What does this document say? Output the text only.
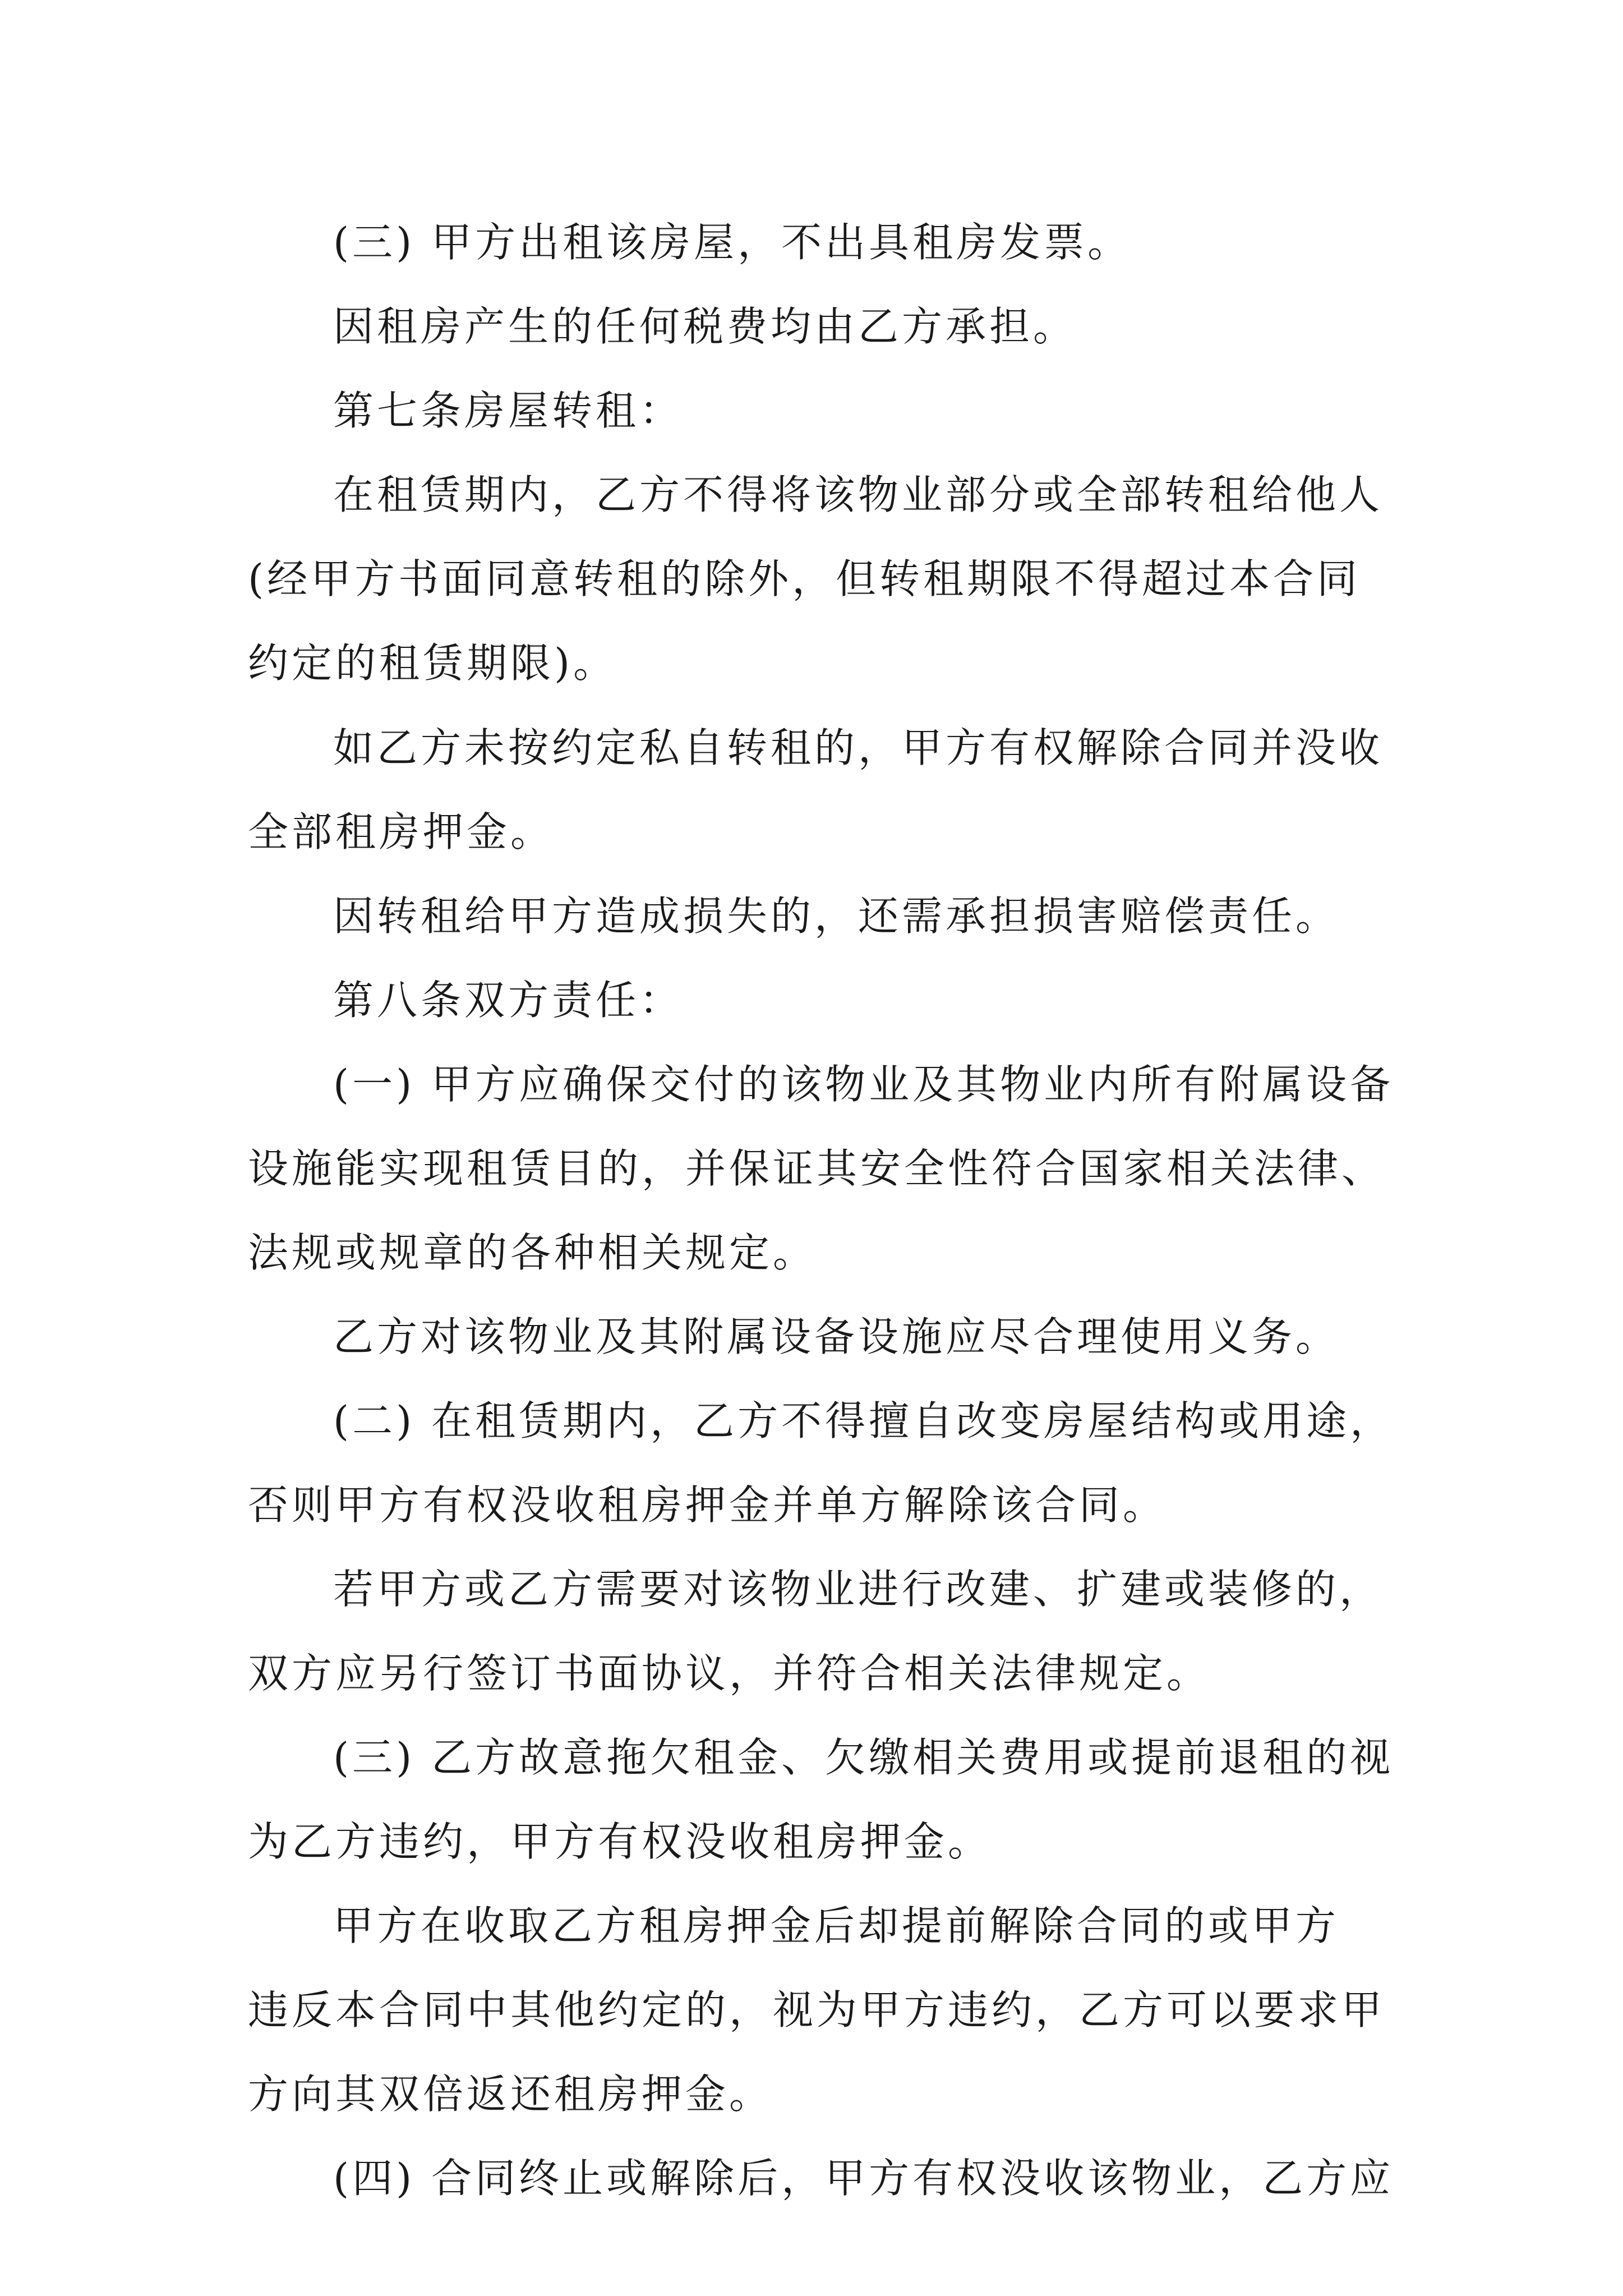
(三) 甲方出租该房屋，不出具租房发票。
因租房产生的任何税费均由乙方承担。
第七条房屋转租：
在租赁期内，乙方不得将该物业部分或全部转租给他人
(经甲方书面同意转租的除外，但转租期限不得超过本合同
约定的租赁期限)。
如乙方未按约定私自转租的，甲方有权解除合同并没收
全部租房押金。
因转租给甲方造成损失的，还需承担损害赔偿责任。
第八条双方责任：
(一) 甲方应确保交付的该物业及其物业内所有附属设备
设施能实现租赁目的，并保证其安全性符合国家相关法律、
法规或规章的各种相关规定。
乙方对该物业及其附属设备设施应尽合理使用义务。
(二) 在租赁期内，乙方不得擅自改变房屋结构或用途，
否则甲方有权没收租房押金并单方解除该合同。
若甲方或乙方需要对该物业进行改建、扩建或装修的，
双方应另行签订书面协议，并符合相关法律规定。
(三) 乙方故意拖欠租金、欠缴相关费用或提前退租的视
为乙方违约，甲方有权没收租房押金。
甲方在收取乙方租房押金后却提前解除合同的或甲方
违反本合同中其他约定的，视为甲方违约，乙方可以要求甲
方向其双倍返还租房押金。
(四) 合同终止或解除后，甲方有权没收该物业，乙方应
